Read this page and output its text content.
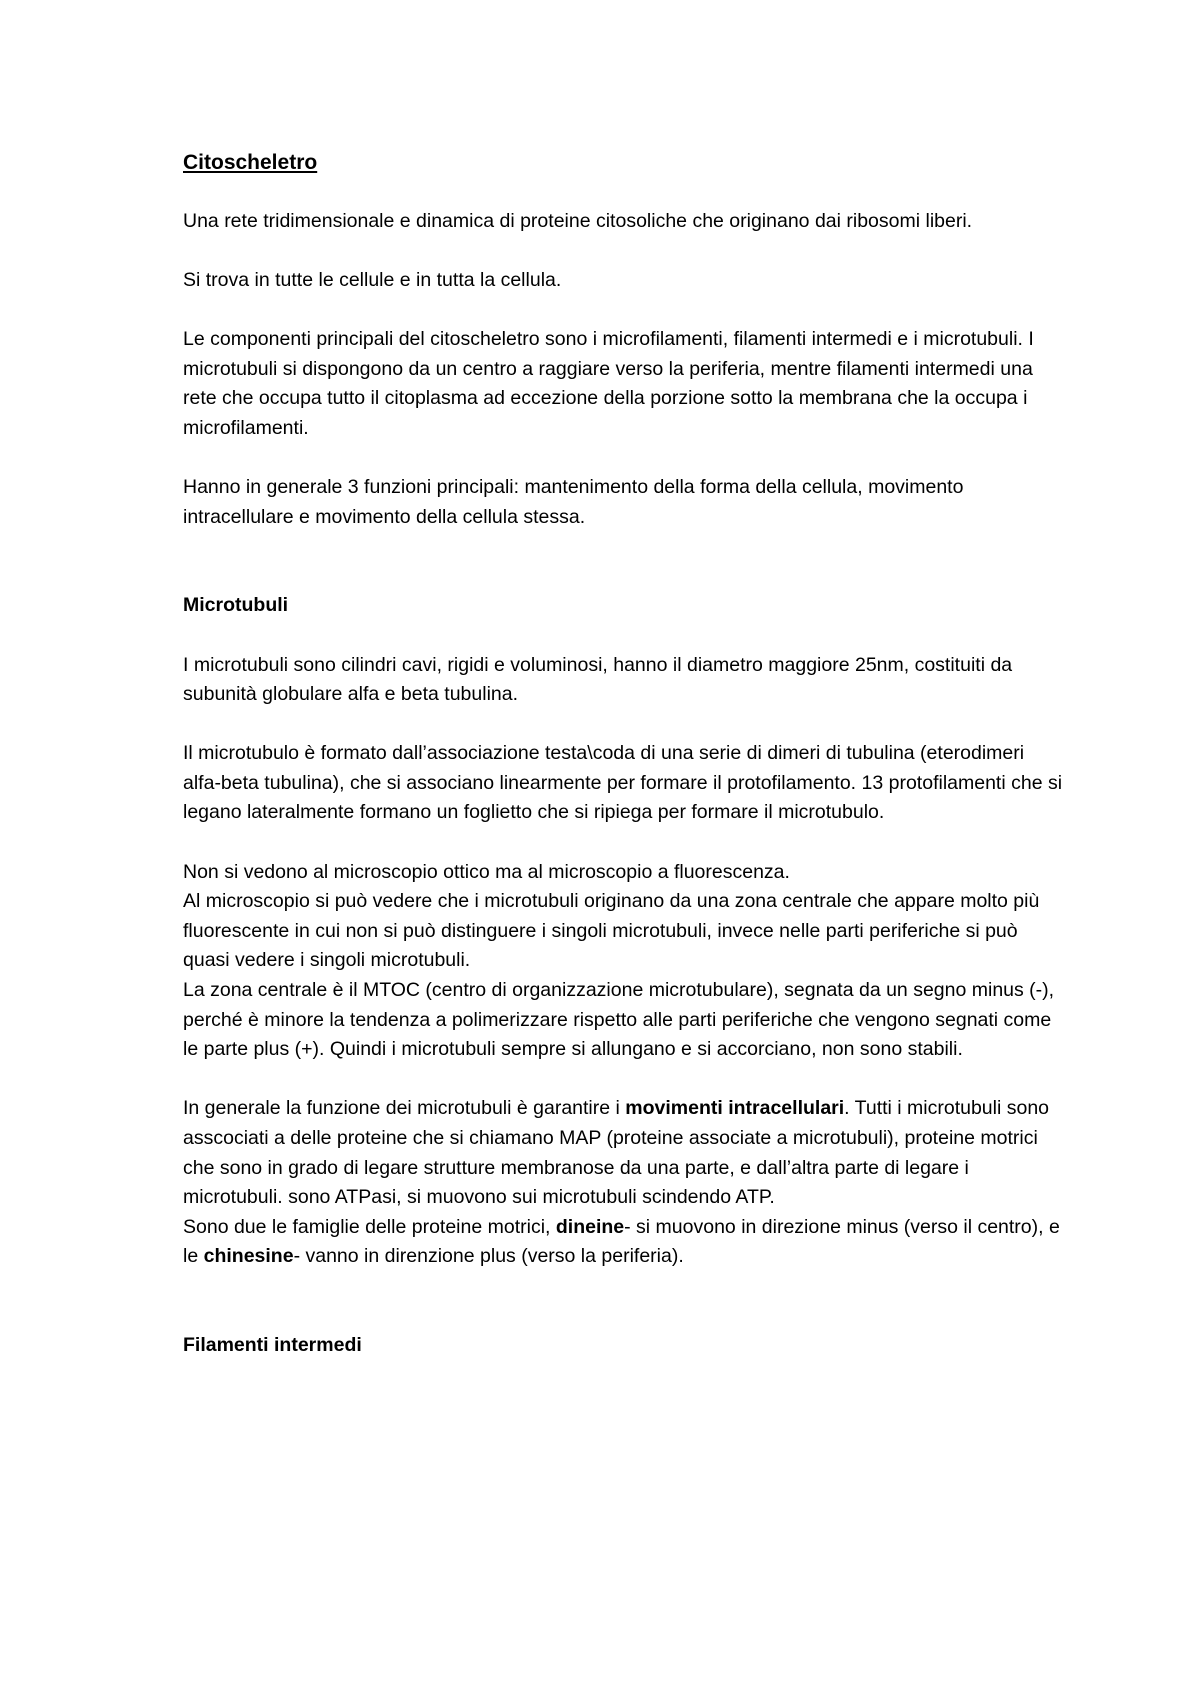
Citoscheletro

Una rete tridimensionale e dinamica di proteine citosoliche che originano dai ribosomi liberi.

Si trova in tutte le cellule e in tutta la cellula.

Le componenti principali del citoscheletro sono i microfilamenti, filamenti intermedi e i microtubuli. I microtubuli si dispongono da un centro a raggiare verso la periferia, mentre filamenti intermedi una rete che occupa tutto il citoplasma ad eccezione della porzione sotto la membrana che la occupa i microfilamenti.

Hanno in generale 3 funzioni principali: mantenimento della forma della cellula, movimento intracellulare e movimento della cellula stessa.

Microtubuli

I microtubuli sono cilindri cavi, rigidi e voluminosi, hanno il diametro maggiore 25nm, costituiti da subunità globulare alfa e beta tubulina.

Il microtubulo è formato dall’associazione testa\coda di una serie di dimeri di tubulina (eterodimeri alfa-beta tubulina), che si associano linearmente per formare il protofilamento. 13 protofilamenti che si legano lateralmente formano un foglietto che si ripiega per formare il microtubulo.

Non si vedono al microscopio ottico ma al microscopio a fluorescenza.

Al microscopio si può vedere che i microtubuli originano da una zona centrale che appare molto più fluorescente in cui non si può distinguere i singoli microtubuli, invece nelle parti periferiche si può quasi vedere i singoli microtubuli.

La zona centrale è il MTOC (centro di organizzazione microtubulare), segnata da un segno minus (-), perché è minore la tendenza a polimerizzare rispetto alle parti periferiche che vengono segnati come le parte plus (+). Quindi i microtubuli sempre si allungano e si accorciano, non sono stabili.

In generale la funzione dei microtubuli è garantire i movimenti intracellulari. Tutti i microtubuli sono asscociati a delle proteine che si chiamano MAP (proteine associate a microtubuli), proteine motrici che sono in grado di legare strutture membranose da una parte, e dall’altra parte di legare i microtubuli. sono ATPasi, si muovono sui microtubuli scindendo ATP.

Sono due le famiglie delle proteine motrici, dineine- si muovono in direzione minus (verso il centro), e le chinesine- vanno in direnzione plus (verso la periferia).

Filamenti intermedi
